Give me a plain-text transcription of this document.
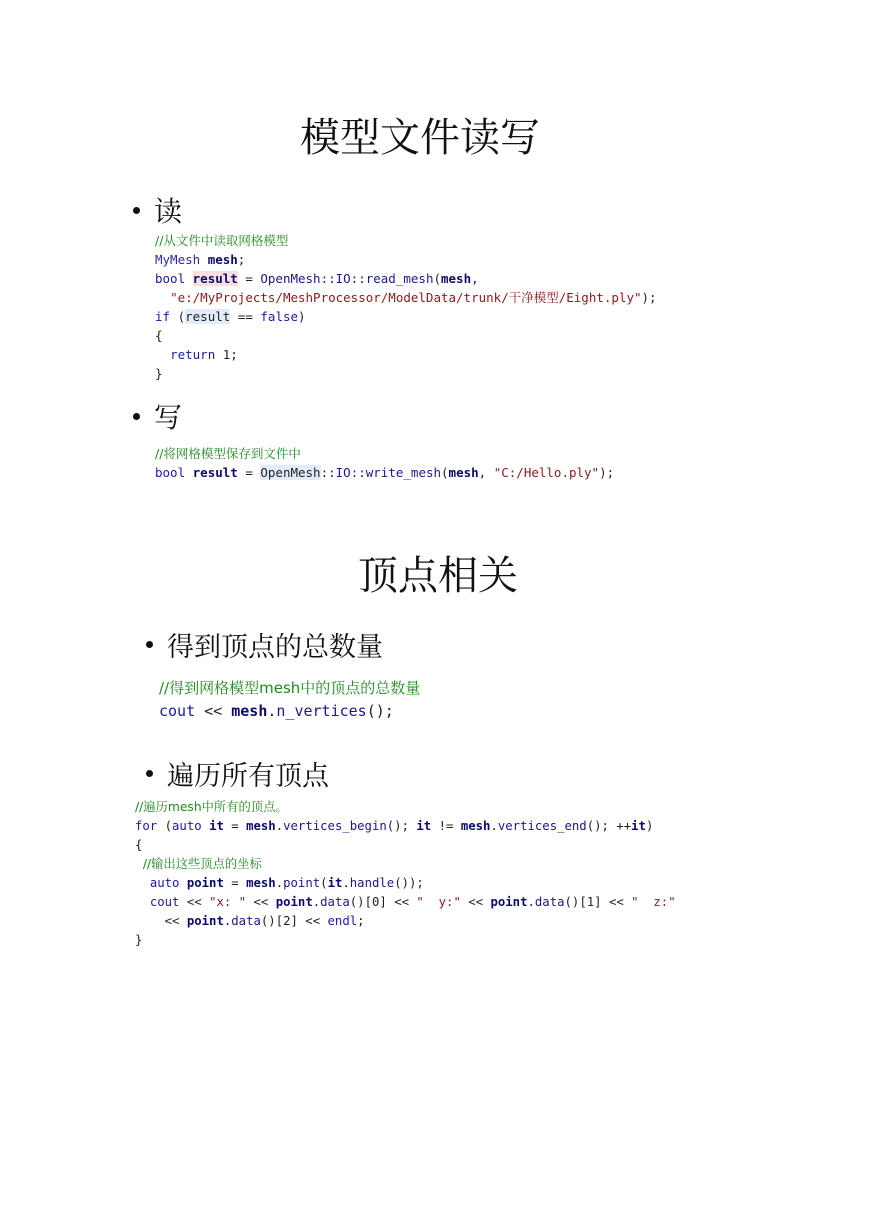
模型文件读写
读
//从文件中读取网格模型
MyMesh mesh;
bool result = OpenMesh::IO::read_mesh(mesh,
"e:/MyProjects/MeshProcessor/ModelData/trunk/干净模型/Eight.ply");
if (result == false)
{
return 1;
}
写
//将网格模型保存到文件中
bool result = OpenMesh::IO::write_mesh(mesh, "C:/Hello.ply");
顶点相关
得到顶点的总数量
//得到网格模型mesh中的顶点的总数量
cout << mesh.n_vertices();
遍历所有顶点
//遍历mesh中所有的顶点。
for (auto it = mesh.vertices_begin(); it != mesh.vertices_end(); ++it)
{
//输出这些顶点的坐标
auto point = mesh.point(it.handle());
cout << "x: " << point.data()[0] << "  y:" << point.data()[1] << "  z:"
<< point.data()[2] << endl;
}
